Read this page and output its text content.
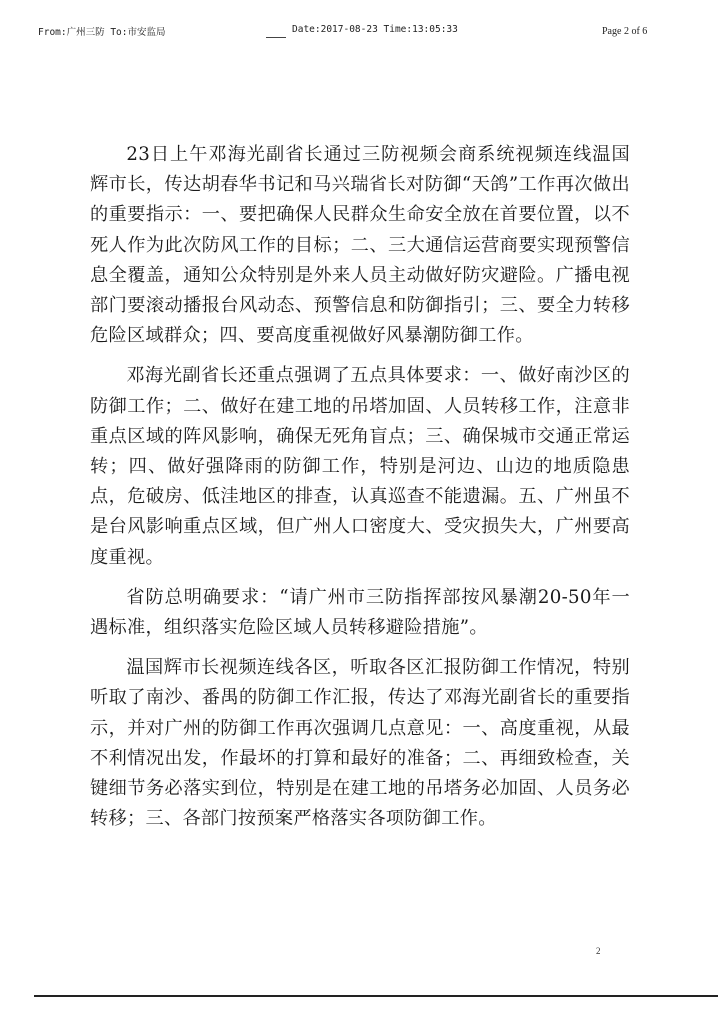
From:广州三防 To:市安监局	Date:2017-08-23 Time:13:05:33	Page 2 of 6

23日上午邓海光副省长通过三防视频会商系统视频连线温国辉市长，传达胡春华书记和马兴瑞省长对防御“天鸽”工作再次做出的重要指示：一、要把确保人民群众生命安全放在首要位置，以不死人作为此次防风工作的目标；二、三大通信运营商要实现预警信息全覆盖，通知公众特别是外来人员主动做好防灾避险。广播电视部门要滚动播报台风动态、预警信息和防御指引；三、要全力转移危险区域群众；四、要高度重视做好风暴潮防御工作。

邓海光副省长还重点强调了五点具体要求：一、做好南沙区的防御工作；二、做好在建工地的吊塔加固、人员转移工作，注意非重点区域的阵风影响，确保无死角盲点；三、确保城市交通正常运转；四、做好强降雨的防御工作，特别是河边、山边的地质隐患点，危破房、低洼地区的排查，认真巡查不能遗漏。五、广州虽不是台风影响重点区域，但广州人口密度大、受灾损失大，广州要高度重视。

省防总明确要求：“请广州市三防指挥部按风暴潮20-50年一遇标准，组织落实危险区域人员转移避险措施”。

温国辉市长视频连线各区，听取各区汇报防御工作情况，特别听取了南沙、番禺的防御工作汇报，传达了邓海光副省长的重要指示，并对广州的防御工作再次强调几点意见：一、高度重视，从最不利情况出发，作最坏的打算和最好的准备；二、再细致检查，关键细节务必落实到位，特别是在建工地的吊塔务必加固、人员务必转移；三、各部门按预案严格落实各项防御工作。

2
